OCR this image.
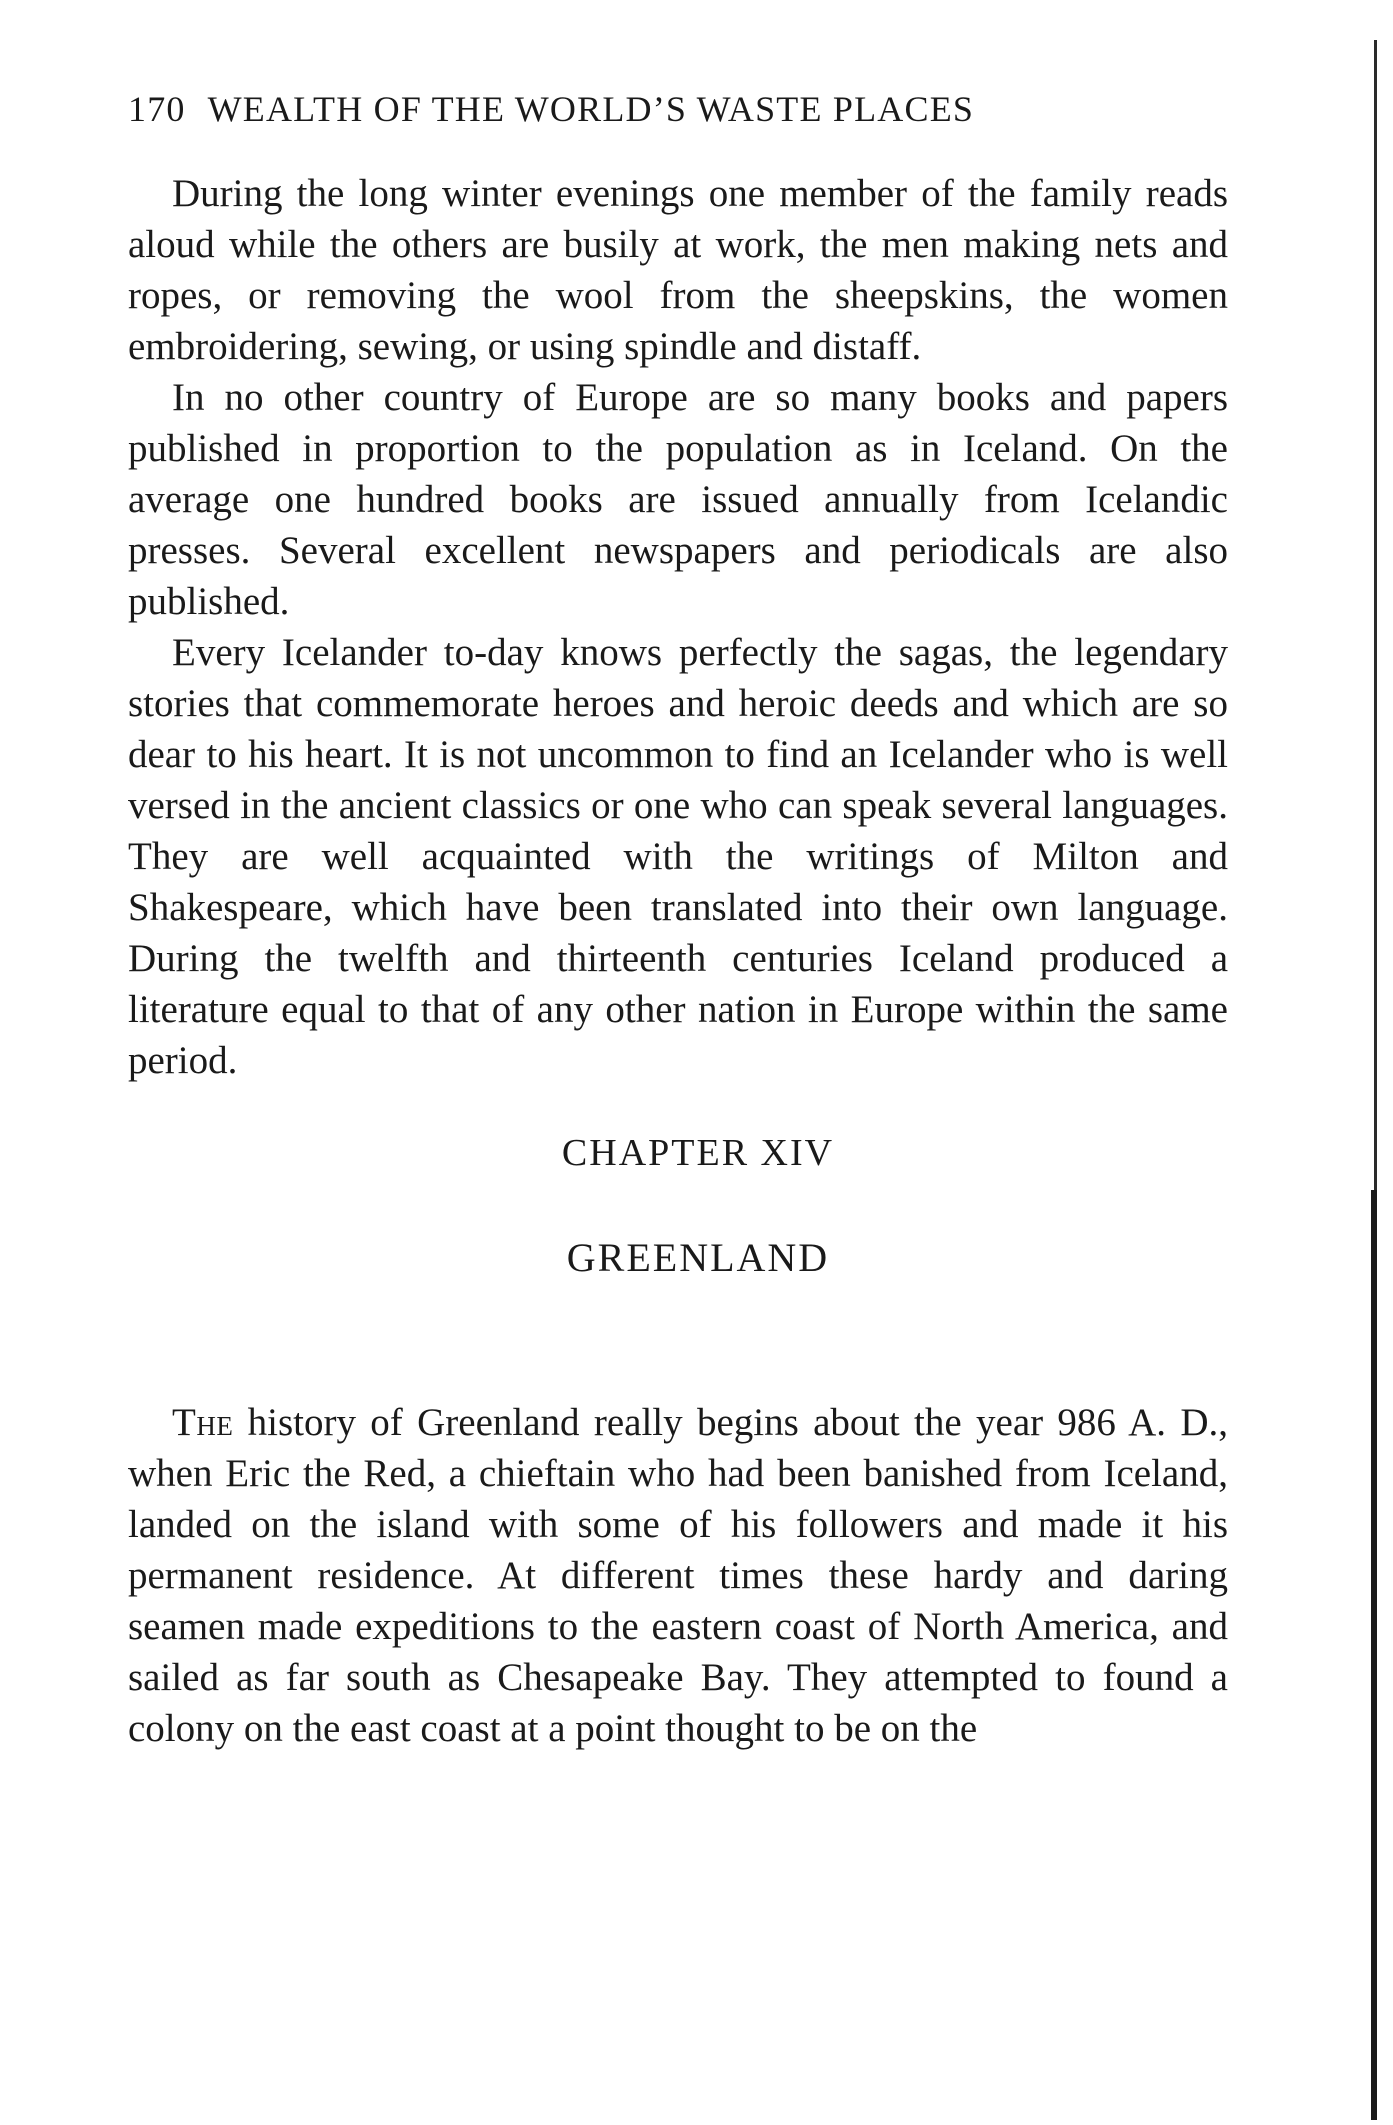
170 WEALTH OF THE WORLD’S WASTE PLACES

During the long winter evenings one member of the family reads aloud while the others are busily at work, the men making nets and ropes, or removing the wool from the sheepskins, the women embroidering, sewing, or using spindle and distaff.

In no other country of Europe are so many books and papers published in proportion to the population as in Iceland. On the average one hundred books are issued annually from Icelandic presses. Several excellent newspapers and periodicals are also published.

Every Icelander to-day knows perfectly the sagas, the legendary stories that commemorate heroes and heroic deeds and which are so dear to his heart. It is not uncommon to find an Icelander who is well versed in the ancient classics or one who can speak several languages. They are well acquainted with the writings of Milton and Shakespeare, which have been translated into their own language. During the twelfth and thirteenth centuries Iceland produced a literature equal to that of any other nation in Europe within the same period.

CHAPTER XIV
GREENLAND

The history of Greenland really begins about the year 986 A. D., when Eric the Red, a chieftain who had been banished from Iceland, landed on the island with some of his followers and made it his permanent residence. At different times these hardy and daring seamen made expeditions to the eastern coast of North America, and sailed as far south as Chesapeake Bay. They attempted to found a colony on the east coast at a point thought to be on the
